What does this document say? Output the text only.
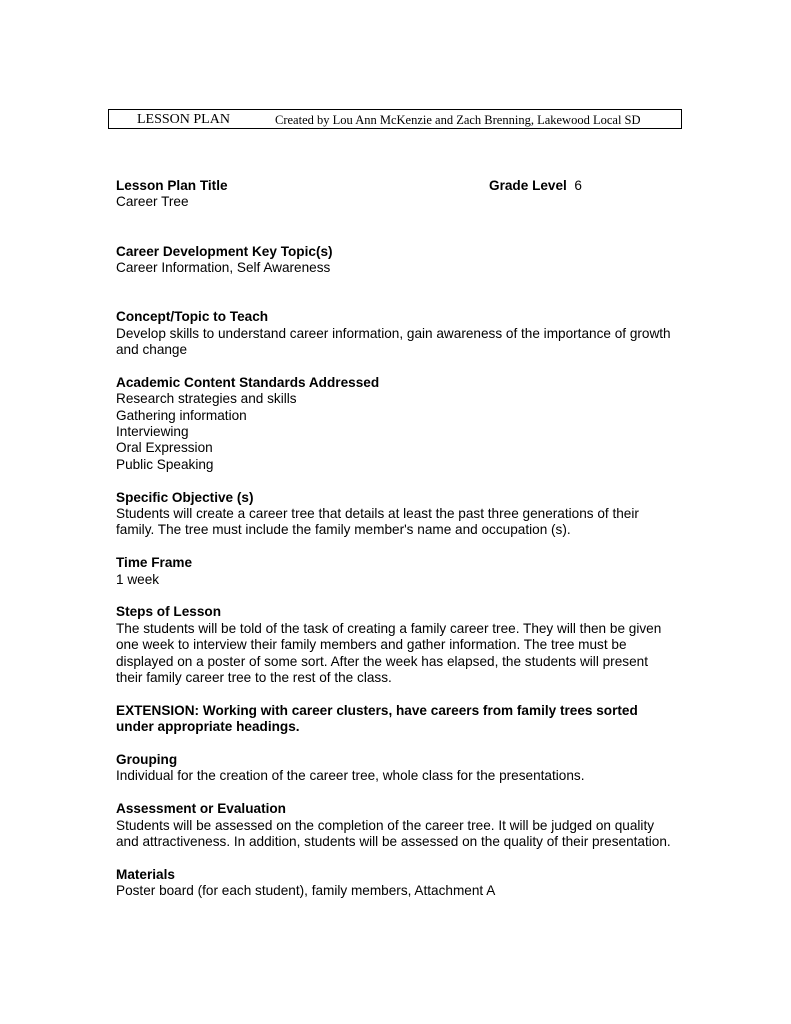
LESSON PLAN	Created by Lou Ann McKenzie and Zach Brenning, Lakewood Local SD
Lesson Plan Title	Grade Level 6

Career Tree

Career Development Key Topic(s)

Career Information, Self Awareness

Concept/Topic to Teach

Develop skills to understand career information, gain awareness of the importance of growth and change

Academic Content Standards Addressed

Research strategies and skills

Gathering information

Interviewing

Oral Expression

Public Speaking

Specific Objective (s)

Students will create a career tree that details at least the past three generations of their family. The tree must include the family member's name and occupation (s).

Time Frame

1 week

Steps of Lesson

The students will be told of the task of creating a family career tree. They will then be given one week to interview their family members and gather information. The tree must be displayed on a poster of some sort. After the week has elapsed, the students will present their family career tree to the rest of the class.

EXTENSION: Working with career clusters, have careers from family trees sorted under appropriate headings.

Grouping

Individual for the creation of the career tree, whole class for the presentations.

Assessment or Evaluation

Students will be assessed on the completion of the career tree. It will be judged on quality and attractiveness. In addition, students will be assessed on the quality of their presentation.

Materials

Poster board (for each student), family members, Attachment A
